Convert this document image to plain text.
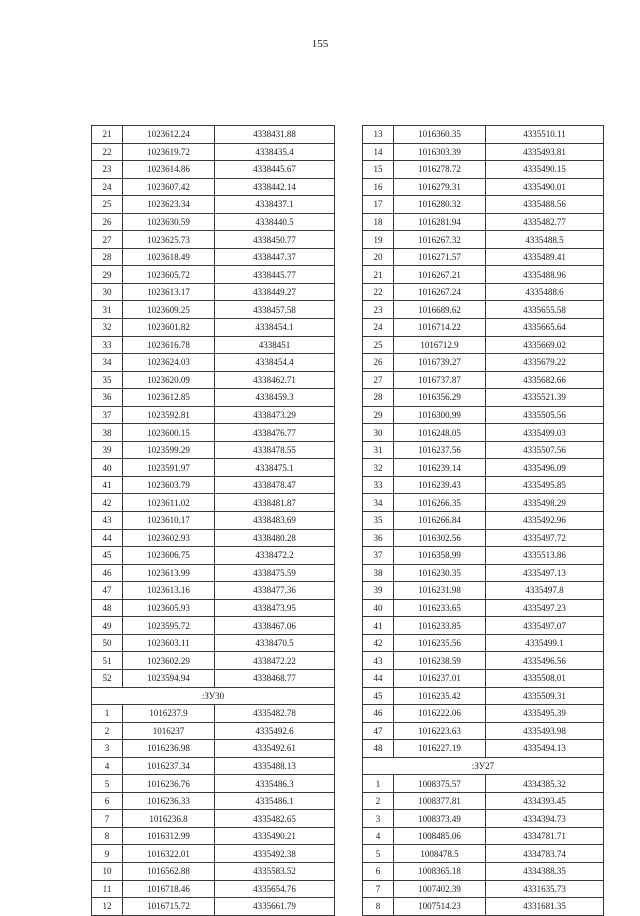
155
21	1023612.24	4338431.88
22	1023619.72	4338435.4
23	1023614.86	4338445.67
24	1023607.42	4338442.14
25	1023623.34	4338437.1
26	1023630.59	4338440.5
27	1023625.73	4338450.77
28	1023618.49	4338447.37
29	1023605.72	4338445.77
30	1023613.17	4338449.27
31	1023609.25	4338457.58
32	1023601.82	4338454.1
33	1023616.78	4338451
34	1023624.03	4338454.4
35	1023620.09	4338462.71
36	1023612.85	4338459.3
37	1023592.81	4338473.29
38	1023600.15	4338476.77
39	1023599.29	4338478.55
40	1023591.97	4338475.1
41	1023603.79	4338478.47
42	1023611.02	4338481.87
43	1023610.17	4338483.69
44	1023602.93	4338480.28
45	1023606.75	4338472.2
46	1023613.99	4338475.59
47	1023613.16	4338477.36
48	1023605.93	4338473.95
49	1023595.72	4338467.06
50	1023603.11	4338470.5
51	1023602.29	4338472.22
52	1023594.94	4338468.77
:ЗУ30		
1	1016237.9	4335482.78
2	1016237	4335492.6
3	1016236.98	4335492.61
4	1016237.34	4335488.13
5	1016236.76	4335486.3
6	1016236.33	4335486.1
7	1016236.8	4335482.65
8	1016312.99	4335490.21
9	1016322.01	4335492.38
10	1016562.88	4335583.52
11	1016718.46	4335654.76
12	1016715.72	4335661.79
13	1016360.35	4335510.11
14	1016303.39	4335493.81
15	1016278.72	4335490.15
16	1016279.31	4335490.01
17	1016280.32	4335488.56
18	1016281.94	4335482.77
19	1016267.32	4335488.5
20	1016271.57	4335489.41
21	1016267.21	4335488.96
22	1016267.24	4335488.6
23	1016689.62	4335655.58
24	1016714.22	4335665.64
25	1016712.9	4335669.02
26	1016739.27	4335679.22
27	1016737.87	4335682.66
28	1016356.29	4335521.39
29	1016300.99	4335505.56
30	1016248.05	4335499.03
31	1016237.56	4335507.56
32	1016239.14	4335496.09
33	1016239.43	4335495.85
34	1016266.35	4335498.29
35	1016266.84	4335492.96
36	1016302.56	4335497.72
37	1016358.99	4335513.86
38	1016230.35	4335497.13
39	1016231.98	4335497.8
40	1016233.65	4335497.23
41	1016233.85	4335497.07
42	1016235.56	4335499.1
43	1016238.59	4335496.56
44	1016237.01	4335508.01
45	1016235.42	4335509.31
46	1016222.06	4335495.39
47	1016223.63	4335493.98
48	1016227.19	4335494.13
:ЗУ27		
1	1008375.57	4334385.32
2	1008377.81	4334393.45
3	1008373.49	4334394.73
4	1008485.06	4334781.71
5	1008478.5	4334783.74
6	1008365.18	4334388.35
7	1007402.39	4331635.73
8	1007514.23	4331681.35
